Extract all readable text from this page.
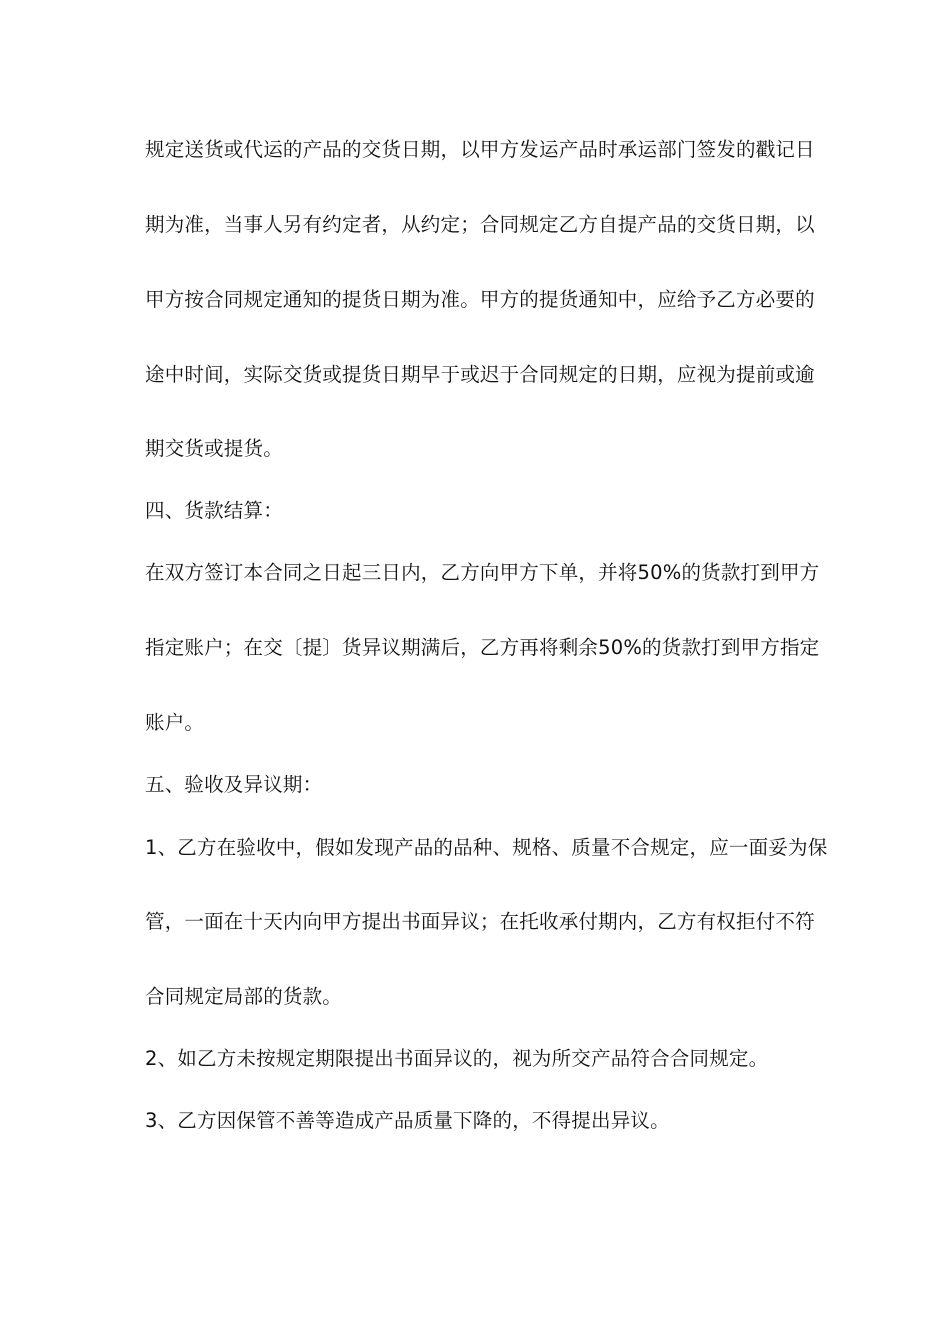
规定送货或代运的产品的交货日期，以甲方发运产品时承运部门签发的戳记日
期为准，当事人另有约定者，从约定；合同规定乙方自提产品的交货日期，以
甲方按合同规定通知的提货日期为准。甲方的提货通知中，应给予乙方必要的
途中时间，实际交货或提货日期早于或迟于合同规定的日期，应视为提前或逾
期交货或提货。
四、货款结算：
在双方签订本合同之日起三日内，乙方向甲方下单，并将50%的货款打到甲方
指定账户；在交〔提〕货异议期满后，乙方再将剩余50%的货款打到甲方指定
账户。
五、验收及异议期：
1、乙方在验收中，假如发现产品的品种、规格、质量不合规定，应一面妥为保
管，一面在十天内向甲方提出书面异议；在托收承付期内，乙方有权拒付不符
合同规定局部的货款。
2、如乙方未按规定期限提出书面异议的，视为所交产品符合合同规定。
3、乙方因保管不善等造成产品质量下降的，不得提出异议。
